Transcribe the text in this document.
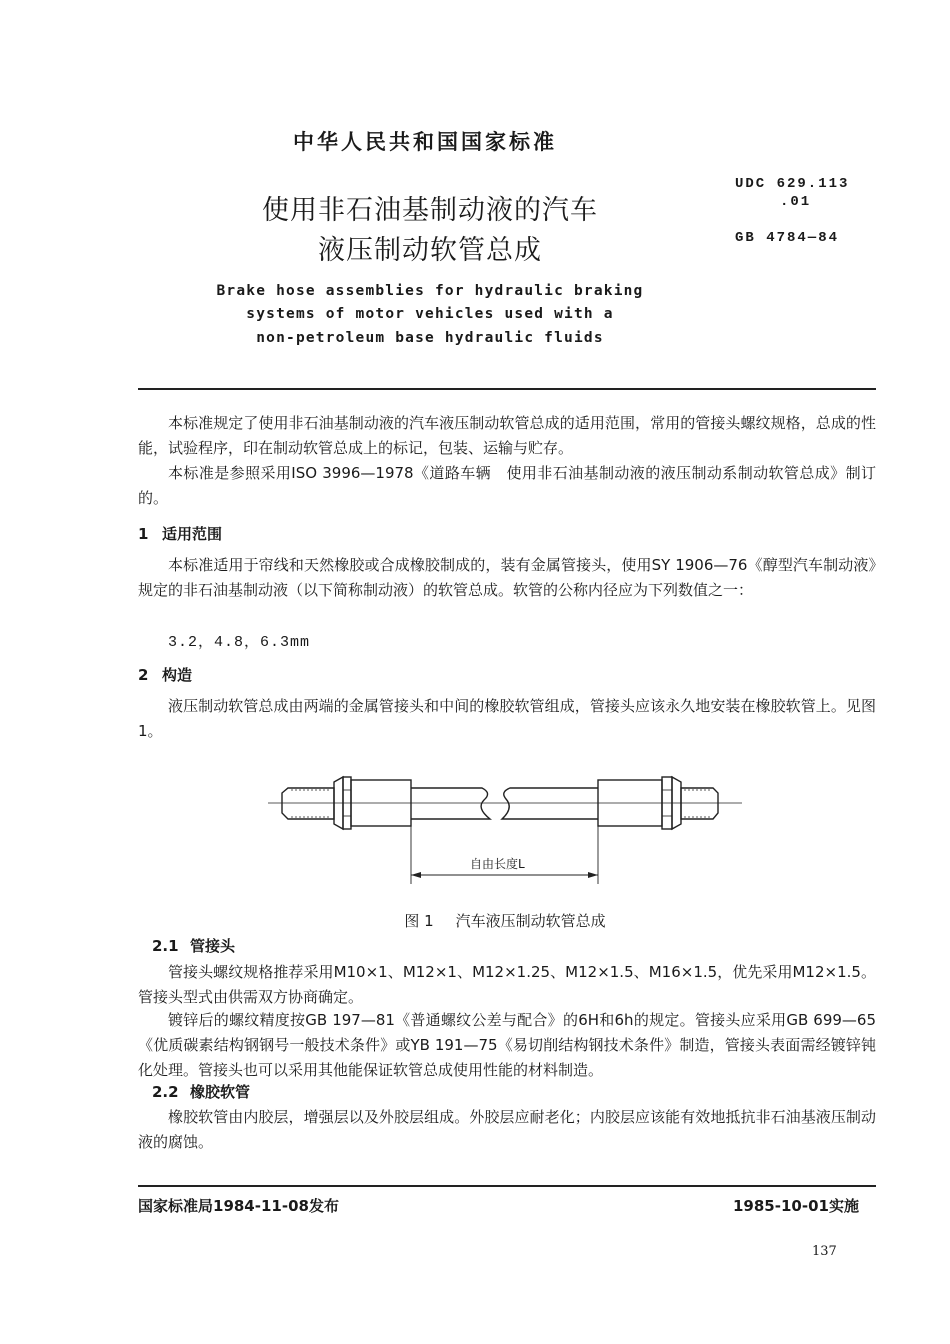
中华人民共和国国家标准
使用非石油基制动液的汽车
液压制动软管总成
UDC 629.113
.01
GB 4784—84
Brake hose assemblies for hydraulic braking
systems of motor vehicles used with a
non-petroleum base hydraulic fluids
本标准规定了使用非石油基制动液的汽车液压制动软管总成的适用范围，常用的管接头螺纹规格，总成的性能，试验程序，印在制动软管总成上的标记，包装、运输与贮存。
本标准是参照采用ISO 3996—1978《道路车辆　使用非石油基制动液的液压制动系制动软管总成》制订的。
1 适用范围
本标准适用于帘线和天然橡胶或合成橡胶制成的，装有金属管接头，使用SY 1906—76《醇型汽车制动液》规定的非石油基制动液（以下简称制动液）的软管总成。软管的公称内径应为下列数值之一：
3.2，4.8，6.3mm
2 构造
液压制动软管总成由两端的金属管接头和中间的橡胶软管组成，管接头应该永久地安装在橡胶软管上。见图1。
自由长度L
图 1 汽车液压制动软管总成
2.1 管接头
管接头螺纹规格推荐采用M10×1、M12×1、M12×1.25、M12×1.5、M16×1.5，优先采用M12×1.5。管接头型式由供需双方协商确定。
镀锌后的螺纹精度按GB 197—81《普通螺纹公差与配合》的6H和6h的规定。管接头应采用GB 699—65《优质碳素结构钢钢号一般技术条件》或YB 191—75《易切削结构钢技术条件》制造，管接头表面需经镀锌钝化处理。管接头也可以采用其他能保证软管总成使用性能的材料制造。
2.2 橡胶软管
橡胶软管由内胶层，增强层以及外胶层组成。外胶层应耐老化；内胶层应该能有效地抵抗非石油基液压制动液的腐蚀。
国家标准局1984-11-08发布	1985-10-01实施
137
